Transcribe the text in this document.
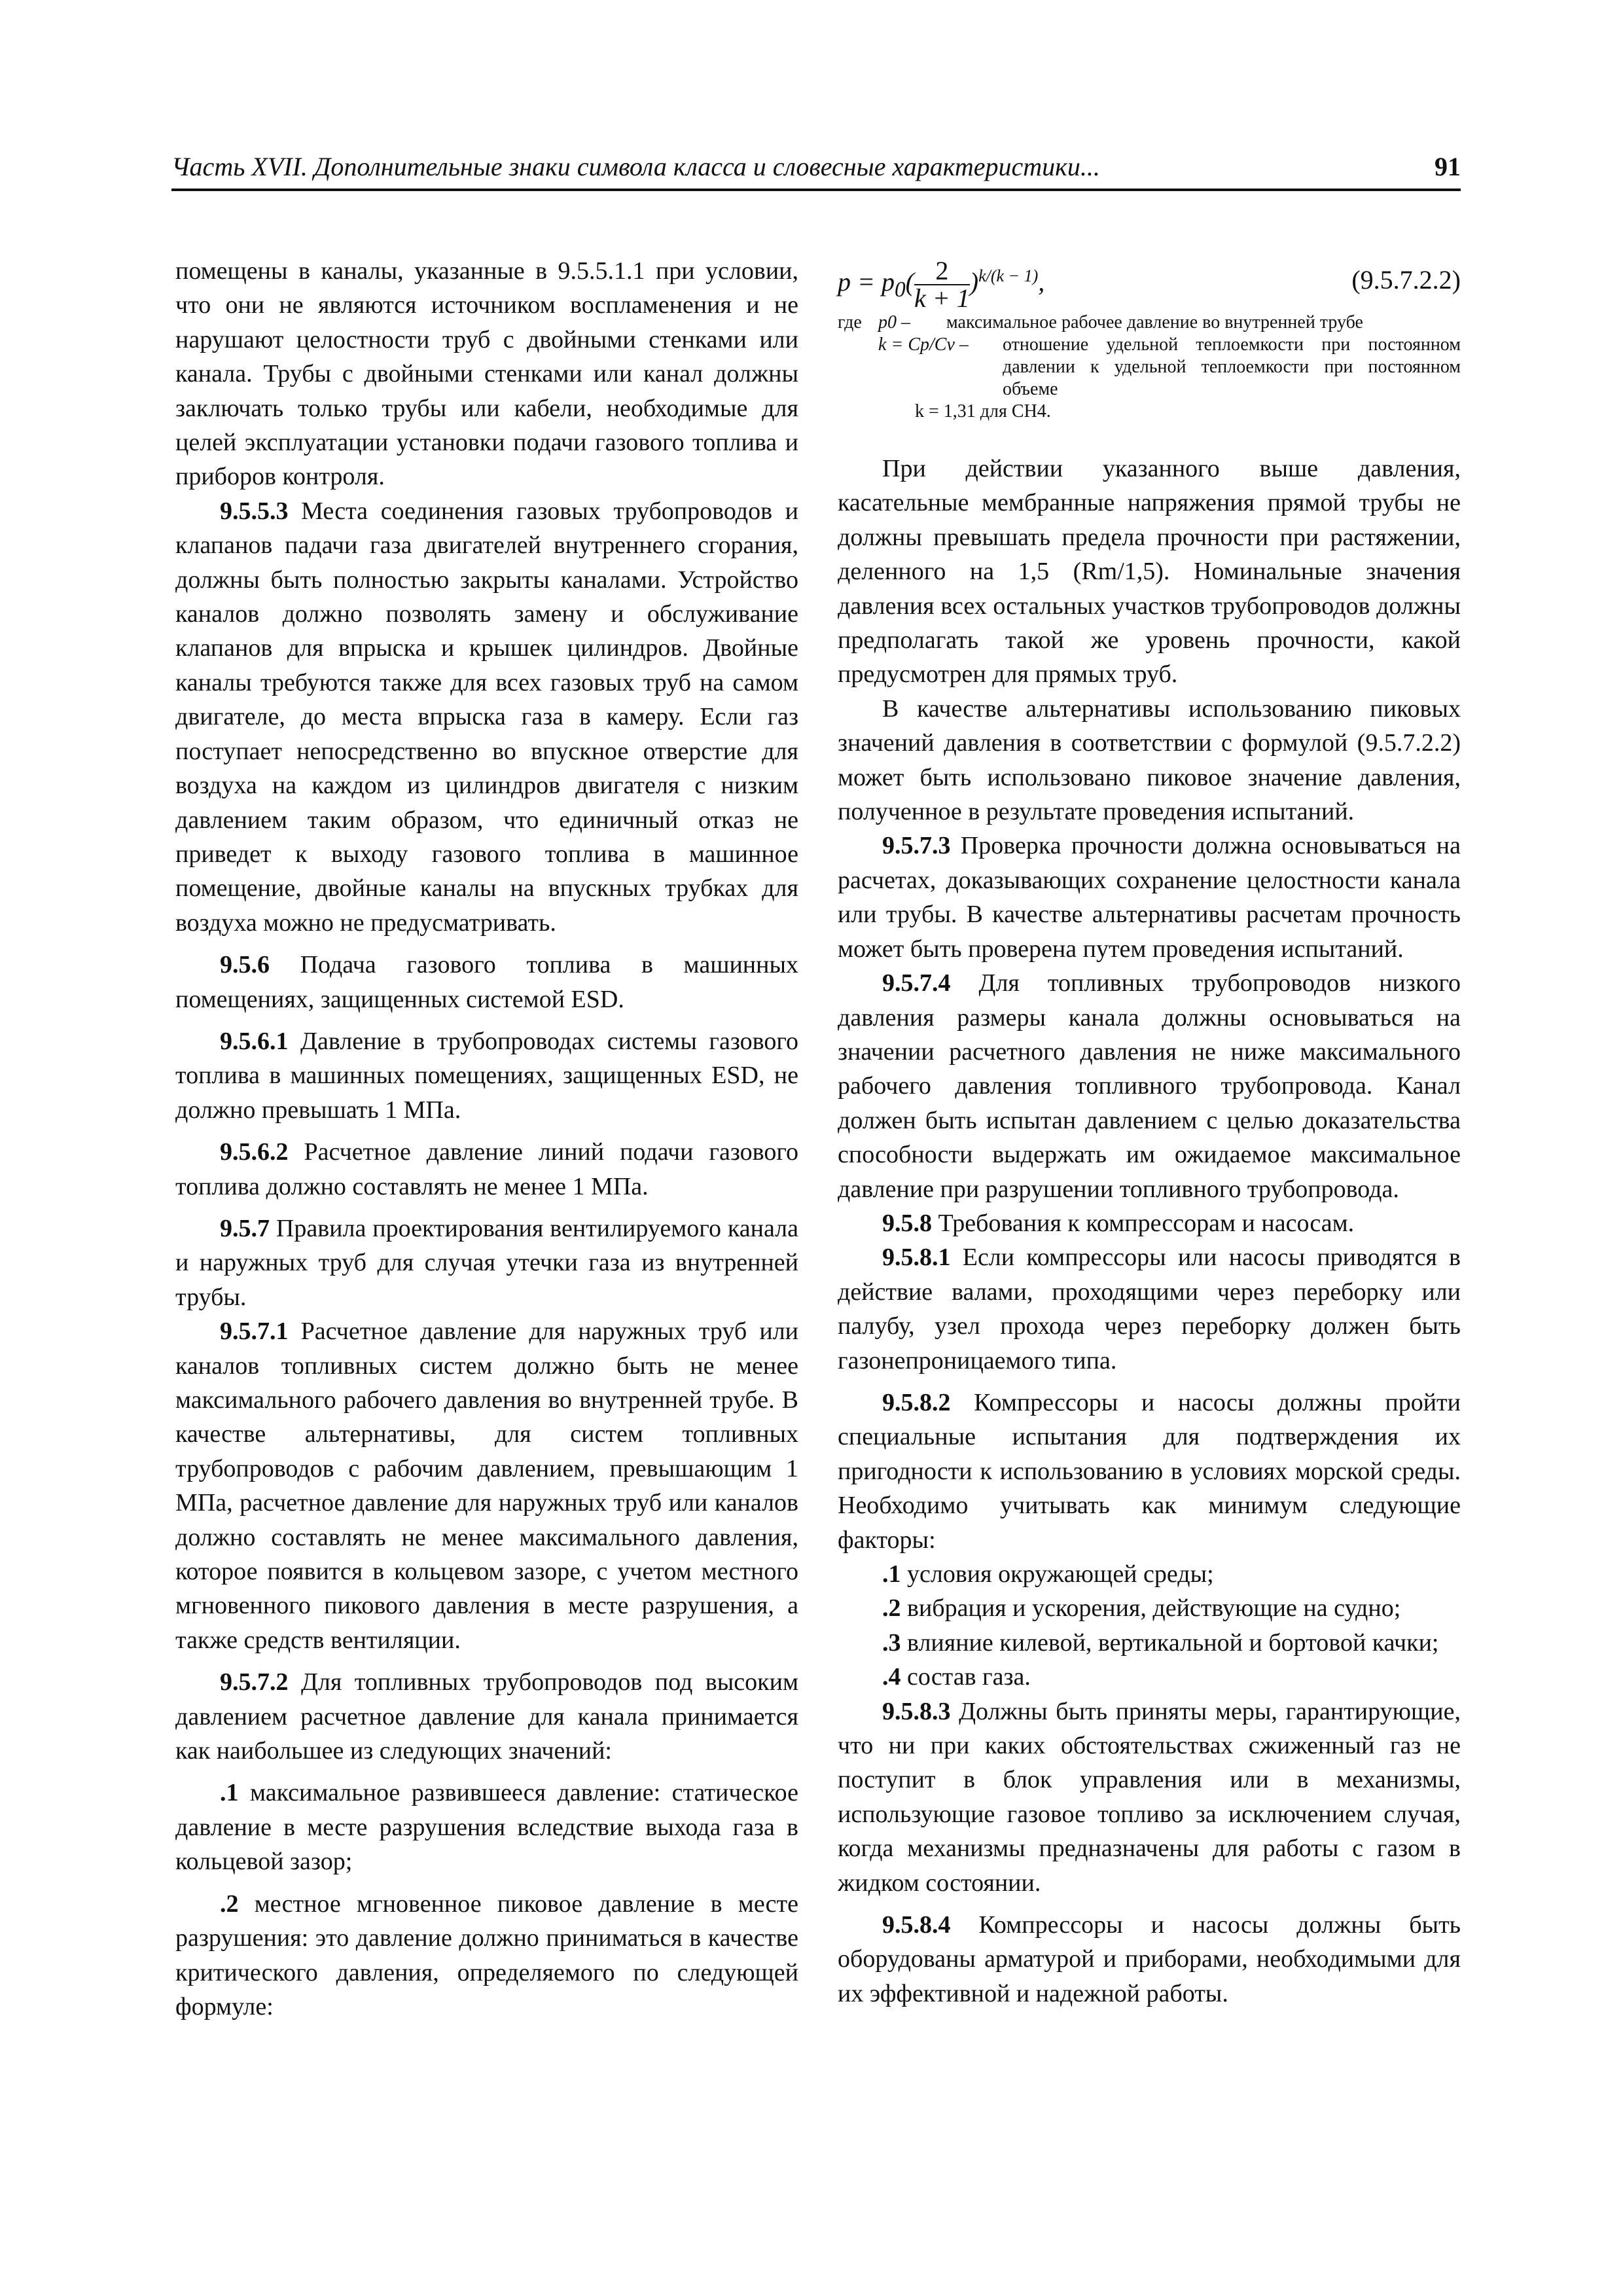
Часть XVII. Дополнительные знаки символа класса и словесные характеристики...	91

помещены в каналы, указанные в 9.5.5.1.1 при условии, что они не являются источником воспламенения и не нарушают целостности труб с двойными стенками или канала. Трубы с двойными стенками или канал должны заключать только трубы или кабели, необходимые для целей эксплуатации установки подачи газового топлива и приборов контроля.

9.5.5.3 Места соединения газовых трубопроводов и клапанов падачи газа двигателей внутреннего сгорания, должны быть полностью закрыты каналами. Устройство каналов должно позволять замену и обслуживание клапанов для впрыска и крышек цилиндров. Двойные каналы требуются также для всех газовых труб на самом двигателе, до места впрыска газа в камеру. Если газ поступает непосредственно во впускное отверстие для воздуха на каждом из цилиндров двигателя с низким давлением таким образом, что единичный отказ не приведет к выходу газового топлива в машинное помещение, двойные каналы на впускных трубках для воздуха можно не предусматривать.

9.5.6 Подача газового топлива в машинных помещениях, защищенных системой ESD.

9.5.6.1 Давление в трубопроводах системы газового топлива в машинных помещениях, защищенных ESD, не должно превышать 1 МПа.

9.5.6.2 Расчетное давление линий подачи газового топлива должно составлять не менее 1 МПа.

9.5.7 Правила проектирования вентилируемого канала и наружных труб для случая утечки газа из внутренней трубы.

9.5.7.1 Расчетное давление для наружных труб или каналов топливных систем должно быть не менее максимального рабочего давления во внутренней трубе. В качестве альтернативы, для систем топливных трубопроводов с рабочим давлением, превышающим 1 МПа, расчетное давление для наружных труб или каналов должно составлять не менее максимального давления, которое появится в кольцевом зазоре, с учетом местного мгновенного пикового давления в месте разрушения, а также средств вентиляции.

9.5.7.2 Для топливных трубопроводов под высоким давлением расчетное давление для канала принимается как наибольшее из следующих значений:

.1 максимальное развившееся давление: статическое давление в месте разрушения вследствие выхода газа в кольцевой зазор;

.2 местное мгновенное пиковое давление в месте разрушения: это давление должно приниматься в качестве критического давления, определяемого по следующей формуле:

$p = p_0( \frac{2}{k + 1} )^{k/(k - 1)}$,	(9.5.7.2.2)
где p0 –	максимальное рабочее давление во внутренней трубе
k = Cp/Cv –	отношение удельной теплоемкости при постоянном давлении к удельной теплоемкости при постоянном объеме
k = 1,31 для CH4.

При действии указанного выше давления, касательные мембранные напряжения прямой трубы не должны превышать предела прочности при растяжении, деленного на 1,5 (Rm/1,5). Номинальные значения давления всех остальных участков трубопроводов должны предполагать такой же уровень прочности, какой предусмотрен для прямых труб.

В качестве альтернативы использованию пиковых значений давления в соответствии с формулой (9.5.7.2.2) может быть использовано пиковое значение давления, полученное в результате проведения испытаний.

9.5.7.3 Проверка прочности должна основываться на расчетах, доказывающих сохранение целостности канала или трубы. В качестве альтернативы расчетам прочность может быть проверена путем проведения испытаний.

9.5.7.4 Для топливных трубопроводов низкого давления размеры канала должны основываться на значении расчетного давления не ниже максимального рабочего давления топливного трубопровода. Канал должен быть испытан давлением с целью доказательства способности выдержать им ожидаемое максимальное давление при разрушении топливного трубопровода.

9.5.8 Требования к компрессорам и насосам.

9.5.8.1 Если компрессоры или насосы приводятся в действие валами, проходящими через переборку или палубу, узел прохода через переборку должен быть газонепроницаемого типа.

9.5.8.2 Компрессоры и насосы должны пройти специальные испытания для подтверждения их пригодности к использованию в условиях морской среды. Необходимо учитывать как минимум следующие факторы:

.1 условия окружающей среды;

.2 вибрация и ускорения, действующие на судно;

.3 влияние килевой, вертикальной и бортовой качки;

.4 состав газа.

9.5.8.3 Должны быть приняты меры, гарантирующие, что ни при каких обстоятельствах сжиженный газ не поступит в блок управления или в механизмы, использующие газовое топливо за исключением случая, когда механизмы предназначены для работы с газом в жидком состоянии.

9.5.8.4 Компрессоры и насосы должны быть оборудованы арматурой и приборами, необходимыми для их эффективной и надежной работы.
